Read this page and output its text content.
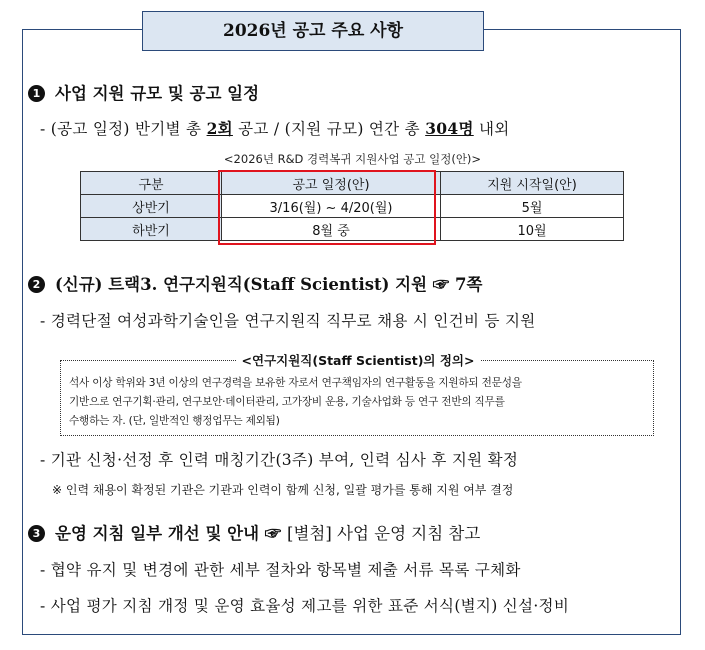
2026년 공고 주요 사항
1 사업 지원 규모 및 공고 일정
- (공고 일정) 반기별 총 2회 공고 / (지원 규모) 연간 총 304명 내외
<2026년 R&D 경력복귀 지원사업 공고 일정(안)>
구분	공고 일정(안)	지원 시작일(안)
상반기	3/16(월) ~ 4/20(월)	5월
하반기	8월 중	10월
2 (신규) 트랙3. 연구지원직(Staff Scientist) 지원 ☞ 7쪽
- 경력단절 여성과학기술인을 연구지원직 직무로 채용 시 인건비 등 지원
<연구지원직(Staff Scientist)의 정의>
석사 이상 학위와 3년 이상의 연구경력을 보유한 자로서 연구책임자의 연구활동을 지원하되 전문성을
기반으로 연구기획·관리, 연구보안·데이터관리, 고가장비 운용, 기술사업화 등 연구 전반의 직무를
수행하는 자. (단, 일반적인 행정업무는 제외됨)
- 기관 신청·선정 후 인력 매칭기간(3주) 부여, 인력 심사 후 지원 확정
※ 인력 채용이 확정된 기관은 기관과 인력이 함께 신청, 일괄 평가를 통해 지원 여부 결정
3 운영 지침 일부 개선 및 안내 ☞ [별첨] 사업 운영 지침 참고
- 협약 유지 및 변경에 관한 세부 절차와 항목별 제출 서류 목록 구체화
- 사업 평가 지침 개정 및 운영 효율성 제고를 위한 표준 서식(별지) 신설·정비
